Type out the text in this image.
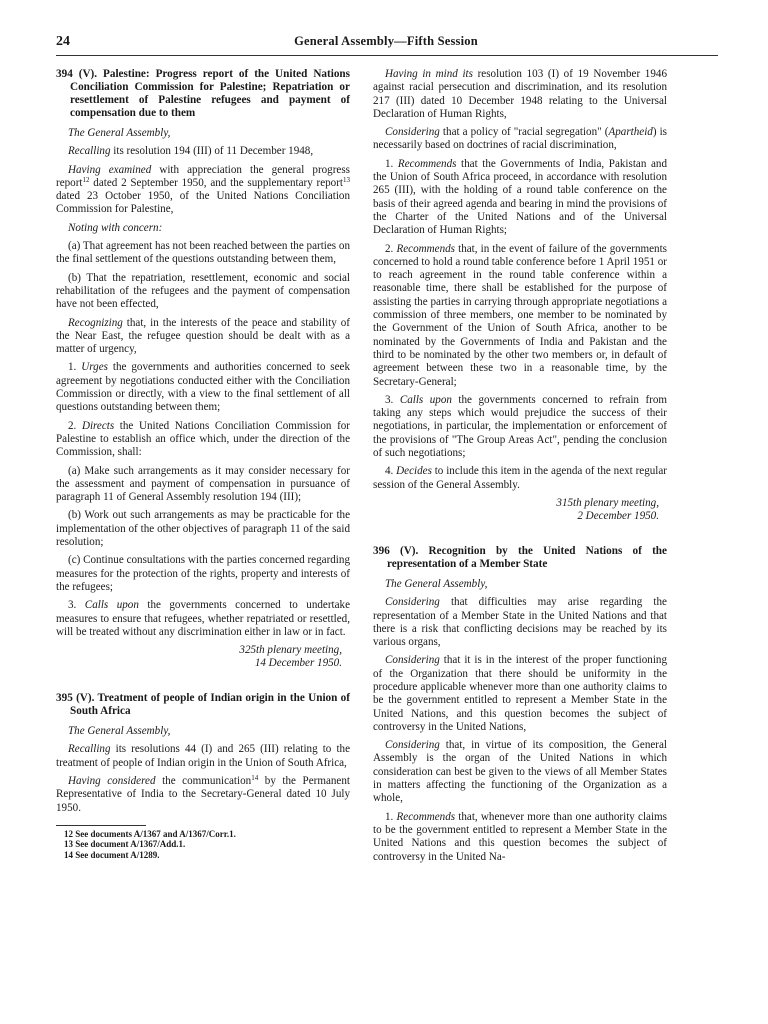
24	General Assembly—Fifth Session
394 (V). Palestine: Progress report of the United Nations Conciliation Commission for Palestine; Repatriation or resettlement of Palestine refugees and payment of compensation due to them

The General Assembly,

Recalling its resolution 194 (III) of 11 December 1948,

Having examined with appreciation the general progress report$^{12}$ dated 2 September 1950, and the supplementary report$^{13}$ dated 23 October 1950, of the United Nations Conciliation Commission for Palestine,

Noting with concern:

(a) That agreement has not been reached between the parties on the final settlement of the questions outstanding between them,

(b) That the repatriation, resettlement, economic and social rehabilitation of the refugees and the payment of compensation have not been effected,

Recognizing that, in the interests of the peace and stability of the Near East, the refugee question should be dealt with as a matter of urgency,

1. Urges the governments and authorities concerned to seek agreement by negotiations conducted either with the Conciliation Commission or directly, with a view to the final settlement of all questions outstanding between them;

2. Directs the United Nations Conciliation Commission for Palestine to establish an office which, under the direction of the Commission, shall:

(a) Make such arrangements as it may consider necessary for the assessment and payment of compensation in pursuance of paragraph 11 of General Assembly resolution 194 (III);

(b) Work out such arrangements as may be practicable for the implementation of the other objectives of paragraph 11 of the said resolution;

(c) Continue consultations with the parties concerned regarding measures for the protection of the rights, property and interests of the refugees;

3. Calls upon the governments concerned to undertake measures to ensure that refugees, whether repatriated or resettled, will be treated without any discrimination either in law or in fact.

325th plenary meeting,
14 December 1950.

395 (V). Treatment of people of Indian origin in the Union of South Africa

The General Assembly,

Recalling its resolutions 44 (I) and 265 (III) relating to the treatment of people of Indian origin in the Union of South Africa,

Having considered the communication$^{14}$ by the Permanent Representative of India to the Secretary-General dated 10 July 1950.

12 See documents A/1367 and A/1367/Corr.1.

13 See document A/1367/Add.1.

14 See document A/1289.

Having in mind its resolution 103 (I) of 19 November 1946 against racial persecution and discrimination, and its resolution 217 (III) dated 10 December 1948 relating to the Universal Declaration of Human Rights,

Considering that a policy of "racial segregation" (Apartheid) is necessarily based on doctrines of racial discrimination,

1. Recommends that the Governments of India, Pakistan and the Union of South Africa proceed, in accordance with resolution 265 (III), with the holding of a round table conference on the basis of their agreed agenda and bearing in mind the provisions of the Charter of the United Nations and of the Universal Declaration of Human Rights;

2. Recommends that, in the event of failure of the governments concerned to hold a round table conference before 1 April 1951 or to reach agreement in the round table conference within a reasonable time, there shall be established for the purpose of assisting the parties in carrying through appropriate negotiations a commission of three members, one member to be nominated by the Government of the Union of South Africa, another to be nominated by the Governments of India and Pakistan and the third to be nominated by the other two members or, in default of agreement between these two in a reasonable time, by the Secretary-General;

3. Calls upon the governments concerned to refrain from taking any steps which would prejudice the success of their negotiations, in particular, the implementation or enforcement of the provisions of "The Group Areas Act", pending the conclusion of such negotiations;

4. Decides to include this item in the agenda of the next regular session of the General Assembly.

315th plenary meeting,
2 December 1950.

396 (V). Recognition by the United Nations of the representation of a Member State

The General Assembly,

Considering that difficulties may arise regarding the representation of a Member State in the United Nations and that there is a risk that conflicting decisions may be reached by its various organs,

Considering that it is in the interest of the proper functioning of the Organization that there should be uniformity in the procedure applicable whenever more than one authority claims to be the government entitled to represent a Member State in the United Nations, and this question becomes the subject of controversy in the United Nations,

Considering that, in virtue of its composition, the General Assembly is the organ of the United Nations in which consideration can best be given to the views of all Member States in matters affecting the functioning of the Organization as a whole,

1. Recommends that, whenever more than one authority claims to be the government entitled to represent a Member State in the United Nations and this question becomes the subject of controversy in the United Na-
